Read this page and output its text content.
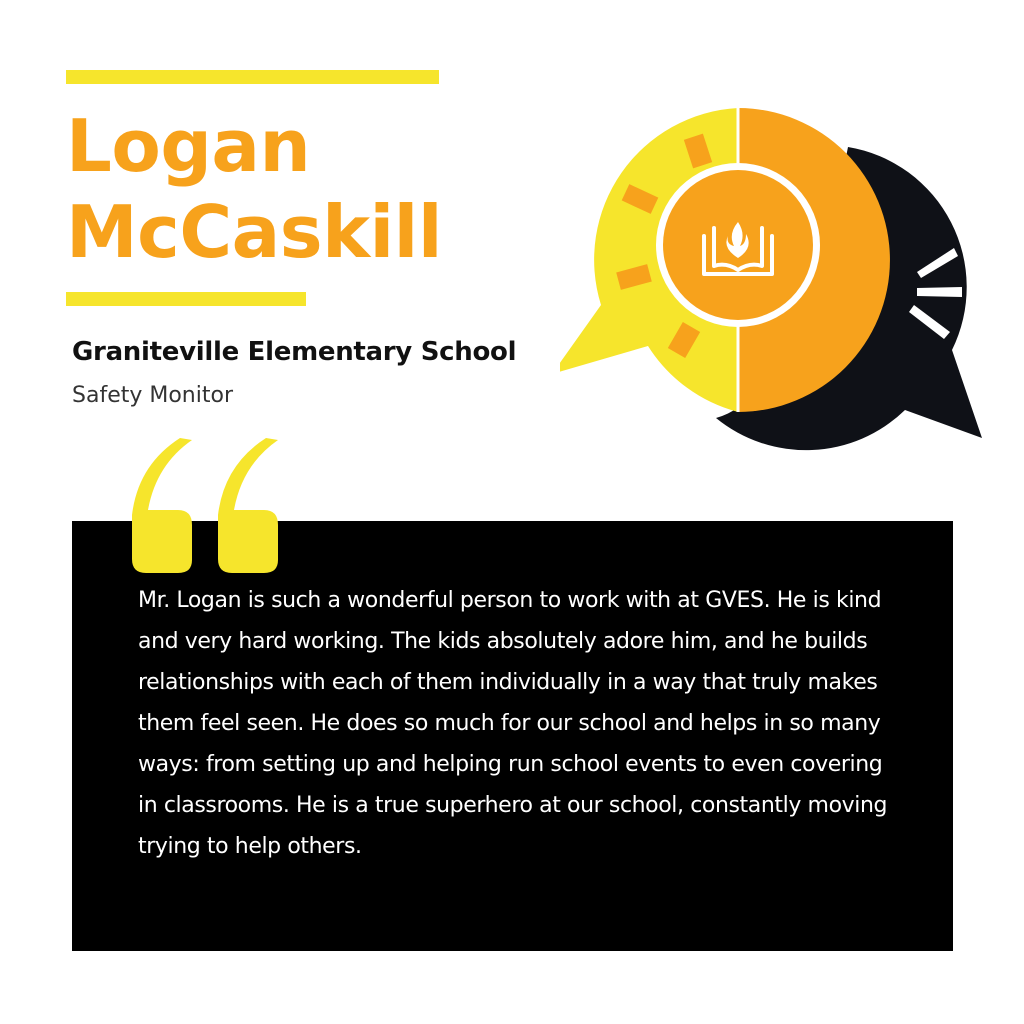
Logan
McCaskill
Graniteville Elementary School

Safety Monitor

Mr. Logan is such a wonderful person to work with at GVES. He is kind and very hard working. The kids absolutely adore him, and he builds relationships with each of them individually in a way that truly makes them feel seen. He does so much for our school and helps in so many ways: from setting up and helping run school events to even covering in classrooms. He is a true superhero at our school, constantly moving trying to help others.
